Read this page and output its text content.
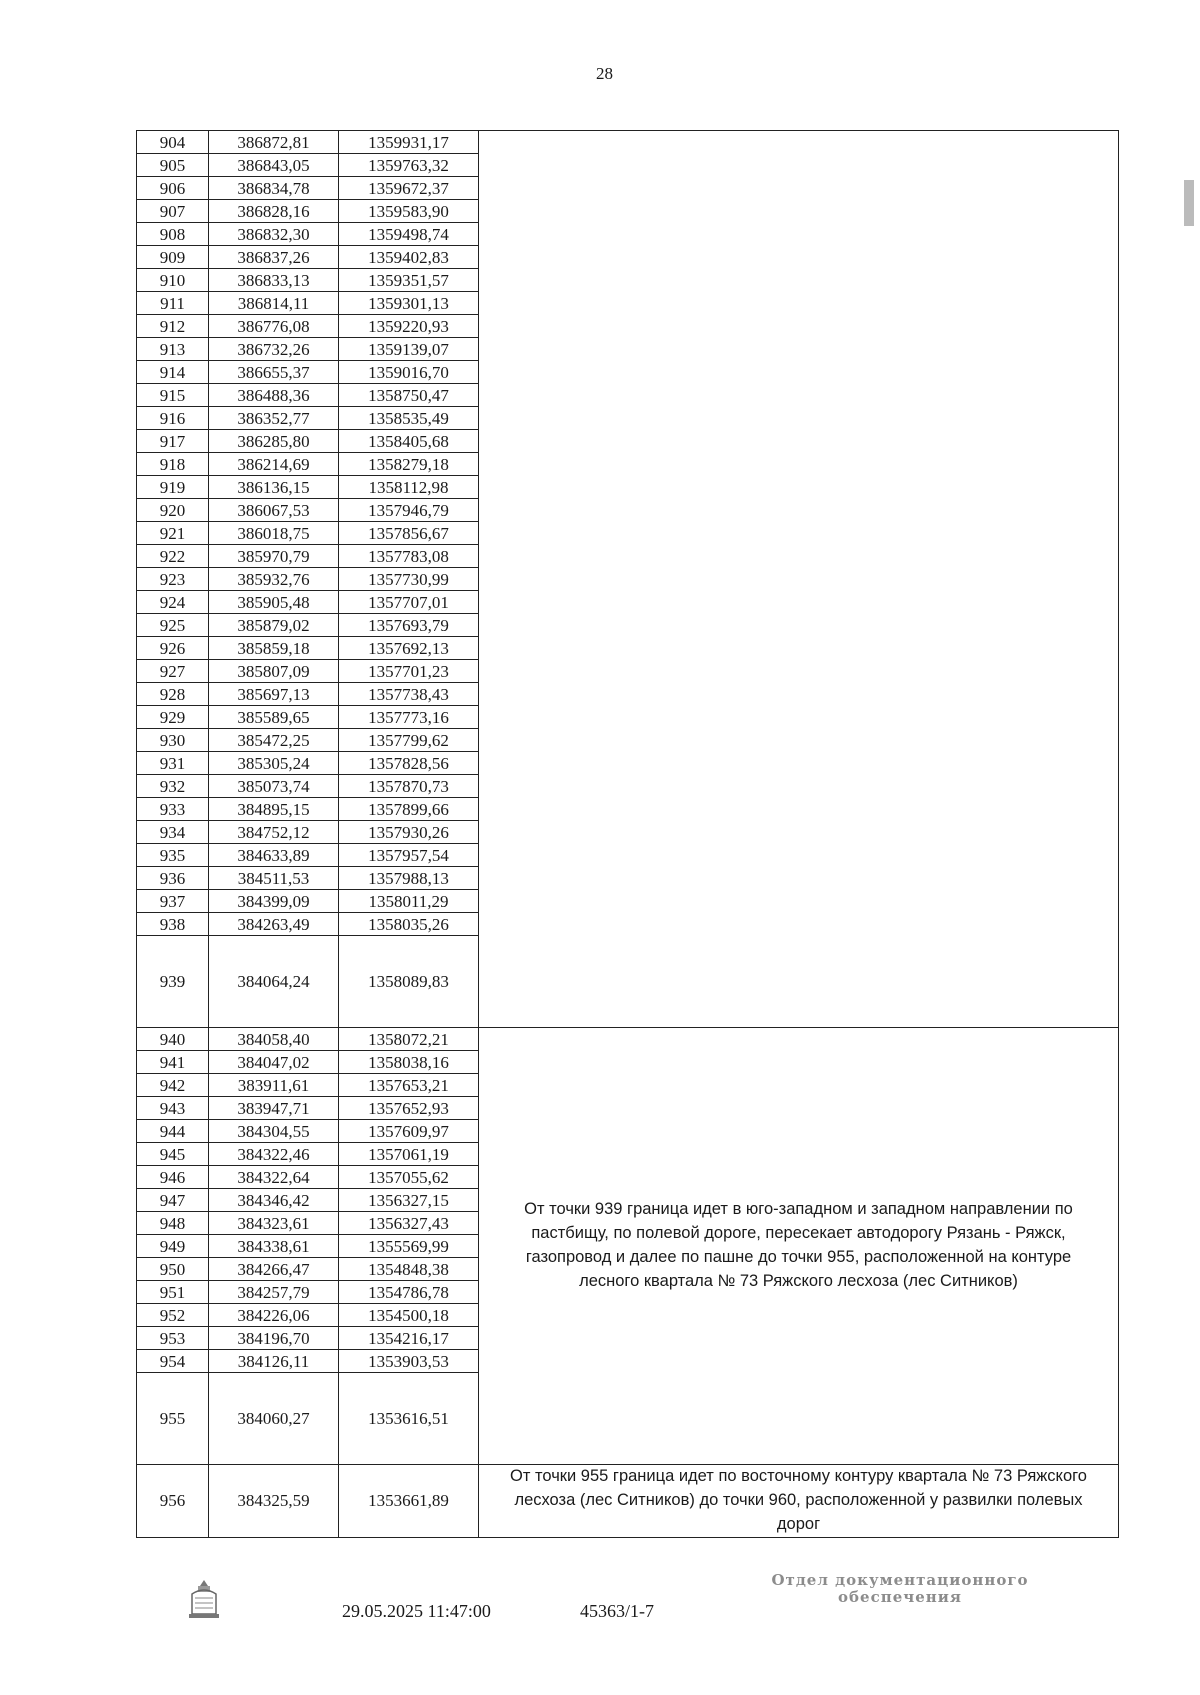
28
904	386872,81	1359931,17	
905	386843,05	1359763,32	
906	386834,78	1359672,37	
907	386828,16	1359583,90	
908	386832,30	1359498,74	
909	386837,26	1359402,83	
910	386833,13	1359351,57	
911	386814,11	1359301,13	
912	386776,08	1359220,93	
913	386732,26	1359139,07	
914	386655,37	1359016,70	
915	386488,36	1358750,47	
916	386352,77	1358535,49	
917	386285,80	1358405,68	
918	386214,69	1358279,18	
919	386136,15	1358112,98	
920	386067,53	1357946,79	
921	386018,75	1357856,67	
922	385970,79	1357783,08	
923	385932,76	1357730,99	
924	385905,48	1357707,01	
925	385879,02	1357693,79	
926	385859,18	1357692,13	
927	385807,09	1357701,23	
928	385697,13	1357738,43	
929	385589,65	1357773,16	
930	385472,25	1357799,62	
931	385305,24	1357828,56	
932	385073,74	1357870,73	
933	384895,15	1357899,66	
934	384752,12	1357930,26	
935	384633,89	1357957,54	
936	384511,53	1357988,13	
937	384399,09	1358011,29	
938	384263,49	1358035,26	
939	384064,24	1358089,83	
940	384058,40	1358072,21	От точки 939 граница идет в юго-западном и западном направлении по пастбищу, по полевой дороге, пересекает автодорогу Рязань - Ряжск, газопровод и далее по пашне до точки 955, расположенной на контуре лесного квартала № 73 Ряжского лесхоза (лес Ситников)
941	384047,02	1358038,16	
942	383911,61	1357653,21	
943	383947,71	1357652,93	
944	384304,55	1357609,97	
945	384322,46	1357061,19	
946	384322,64	1357055,62	
947	384346,42	1356327,15	
948	384323,61	1356327,43	
949	384338,61	1355569,99	
950	384266,47	1354848,38	
951	384257,79	1354786,78	
952	384226,06	1354500,18	
953	384196,70	1354216,17	
954	384126,11	1353903,53	
955	384060,27	1353616,51	
956	384325,59	1353661,89	От точки 955 граница идет по восточному контуру квартала № 73 Ряжского лесхоза (лес Ситников) до точки 960, расположенной у развилки полевых дорог
29.05.2025 11:47:00	45363/1-7
Отдел документационного обеспечения
